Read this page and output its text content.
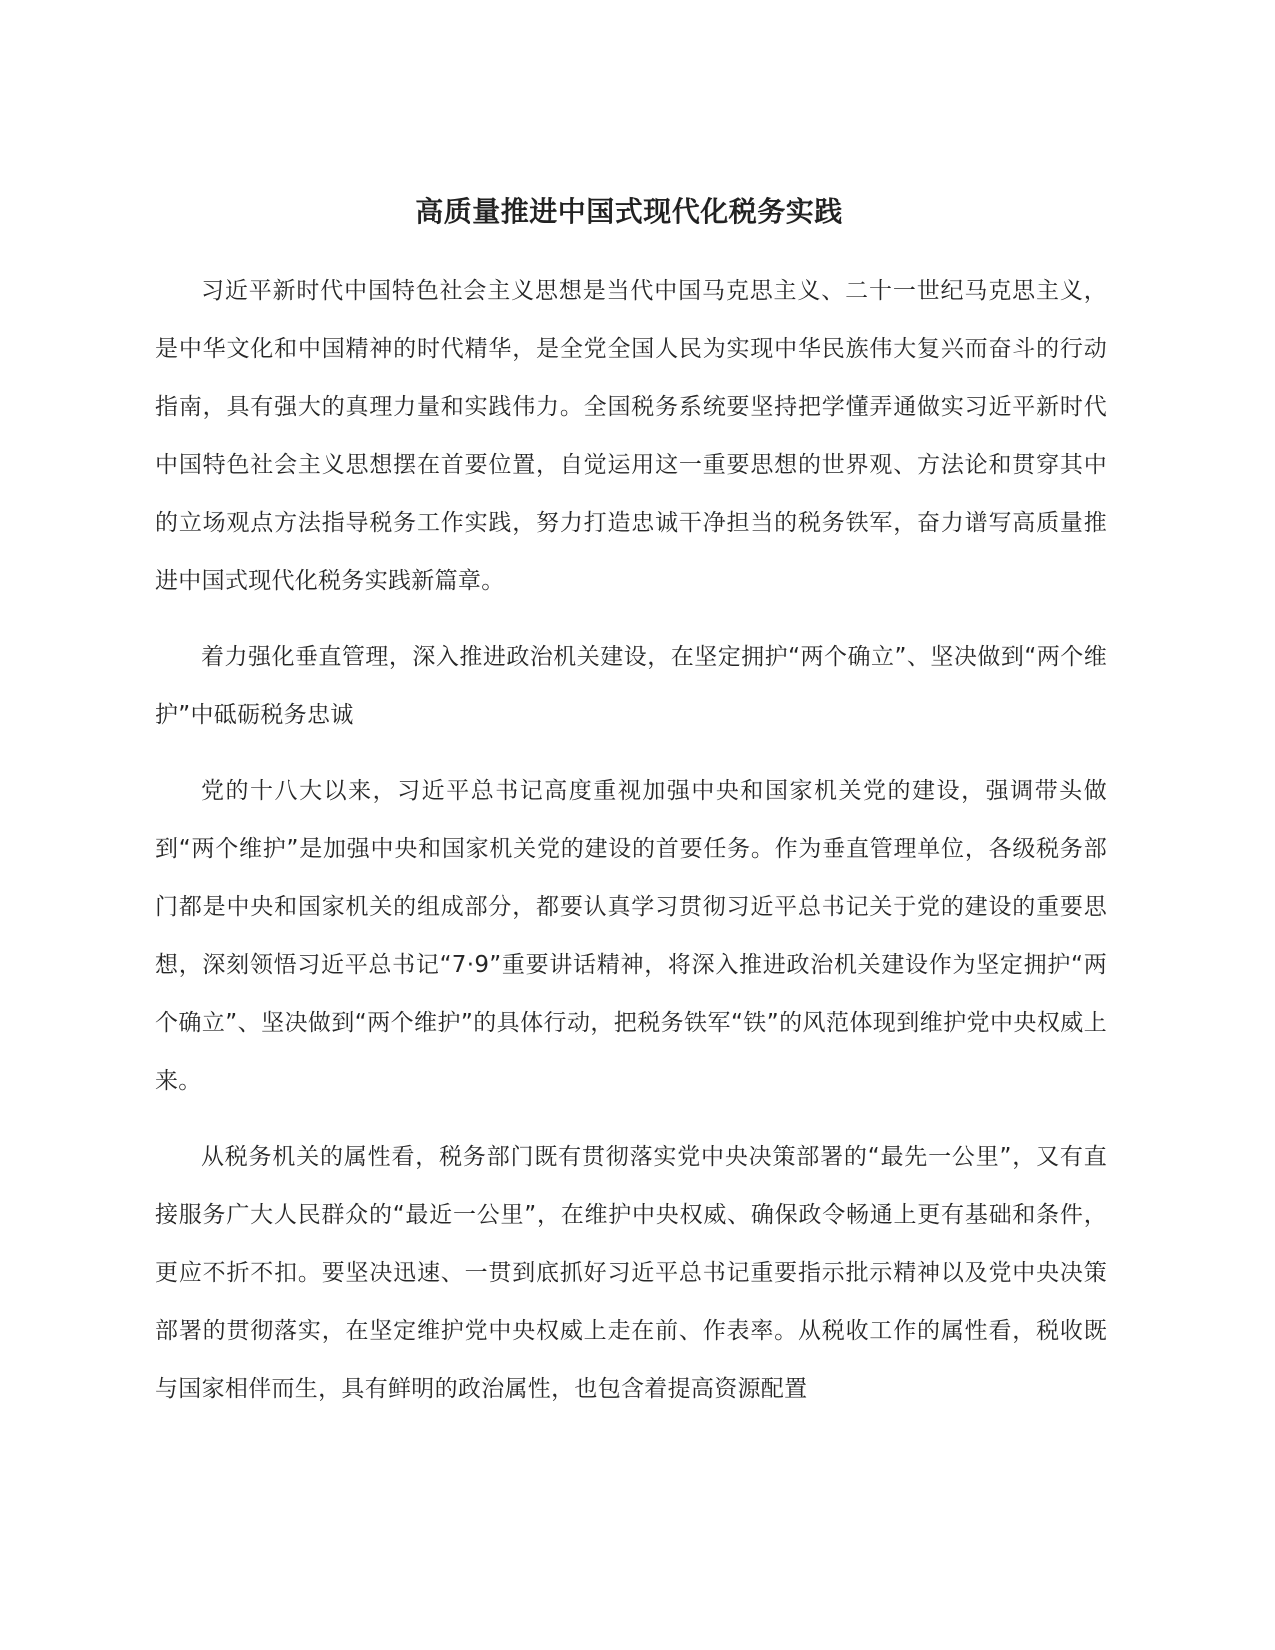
高质量推进中国式现代化税务实践

习近平新时代中国特色社会主义思想是当代中国马克思主义、二十一世纪马克思主义，是中华文化和中国精神的时代精华，是全党全国人民为实现中华民族伟大复兴而奋斗的行动指南，具有强大的真理力量和实践伟力。全国税务系统要坚持把学懂弄通做实习近平新时代中国特色社会主义思想摆在首要位置，自觉运用这一重要思想的世界观、方法论和贯穿其中的立场观点方法指导税务工作实践，努力打造忠诚干净担当的税务铁军，奋力谱写高质量推进中国式现代化税务实践新篇章。

着力强化垂直管理，深入推进政治机关建设，在坚定拥护“两个确立”、坚决做到“两个维护”中砥砺税务忠诚

党的十八大以来，习近平总书记高度重视加强中央和国家机关党的建设，强调带头做到“两个维护”是加强中央和国家机关党的建设的首要任务。作为垂直管理单位，各级税务部门都是中央和国家机关的组成部分，都要认真学习贯彻习近平总书记关于党的建设的重要思想，深刻领悟习近平总书记“7·9”重要讲话精神，将深入推进政治机关建设作为坚定拥护“两个确立”、坚决做到“两个维护”的具体行动，把税务铁军“铁”的风范体现到维护党中央权威上来。

从税务机关的属性看，税务部门既有贯彻落实党中央决策部署的“最先一公里”，又有直接服务广大人民群众的“最近一公里”，在维护中央权威、确保政令畅通上更有基础和条件，更应不折不扣。要坚决迅速、一贯到底抓好习近平总书记重要指示批示精神以及党中央决策部署的贯彻落实，在坚定维护党中央权威上走在前、作表率。从税收工作的属性看，税收既与国家相伴而生，具有鲜明的政治属性，也包含着提高资源配置
